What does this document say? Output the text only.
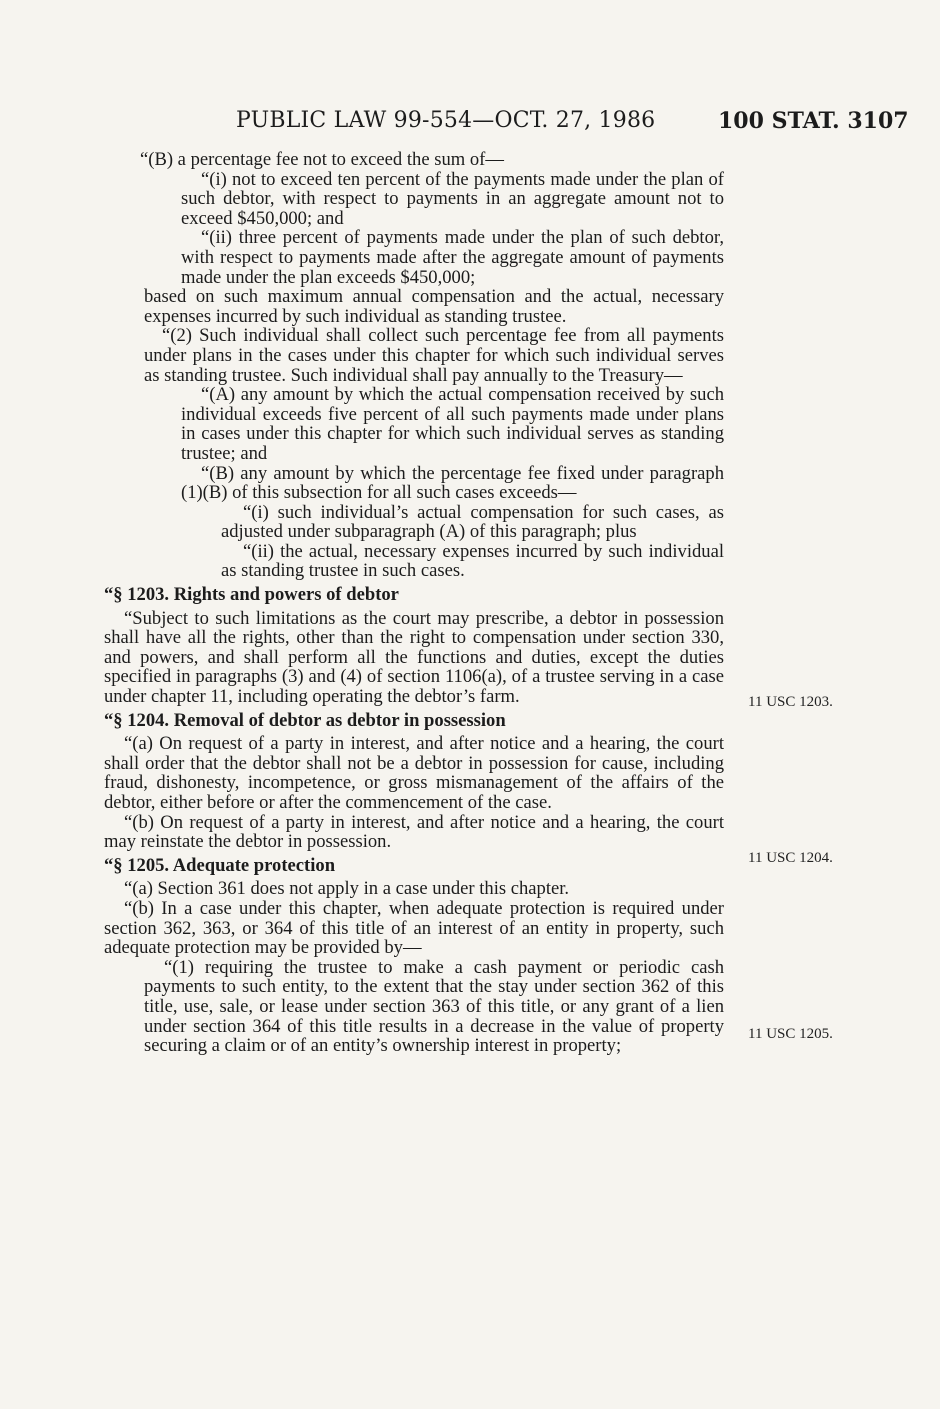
PUBLIC LAW 99-554—OCT. 27, 1986	100 STAT. 3107

“(B) a percentage fee not to exceed the sum of—

“(i) not to exceed ten percent of the payments made under the plan of such debtor, with respect to payments in an aggregate amount not to exceed $450,000; and

“(ii) three percent of payments made under the plan of such debtor, with respect to payments made after the aggregate amount of payments made under the plan exceeds $450,000;

based on such maximum annual compensation and the actual, necessary expenses incurred by such individual as standing trustee.

“(2) Such individual shall collect such percentage fee from all payments under plans in the cases under this chapter for which such individual serves as standing trustee. Such individual shall pay annually to the Treasury—

“(A) any amount by which the actual compensation received by such individual exceeds five percent of all such payments made under plans in cases under this chapter for which such individual serves as standing trustee; and

“(B) any amount by which the percentage fee fixed under paragraph (1)(B) of this subsection for all such cases exceeds—

“(i) such individual’s actual compensation for such cases, as adjusted under subparagraph (A) of this paragraph; plus

“(ii) the actual, necessary expenses incurred by such individual as standing trustee in such cases.

“§ 1203. Rights and powers of debtor

“Subject to such limitations as the court may prescribe, a debtor in possession shall have all the rights, other than the right to compensation under section 330, and powers, and shall perform all the functions and duties, except the duties specified in paragraphs (3) and (4) of section 1106(a), of a trustee serving in a case under chapter 11, including operating the debtor’s farm.

“§ 1204. Removal of debtor as debtor in possession

“(a) On request of a party in interest, and after notice and a hearing, the court shall order that the debtor shall not be a debtor in possession for cause, including fraud, dishonesty, incompetence, or gross mismanagement of the affairs of the debtor, either before or after the commencement of the case.

“(b) On request of a party in interest, and after notice and a hearing, the court may reinstate the debtor in possession.

“§ 1205. Adequate protection

“(a) Section 361 does not apply in a case under this chapter.

“(b) In a case under this chapter, when adequate protection is required under section 362, 363, or 364 of this title of an interest of an entity in property, such adequate protection may be provided by—

“(1) requiring the trustee to make a cash payment or periodic cash payments to such entity, to the extent that the stay under section 362 of this title, use, sale, or lease under section 363 of this title, or any grant of a lien under section 364 of this title results in a decrease in the value of property securing a claim or of an entity’s ownership interest in property;

11 USC 1203.
11 USC 1204.
11 USC 1205.
